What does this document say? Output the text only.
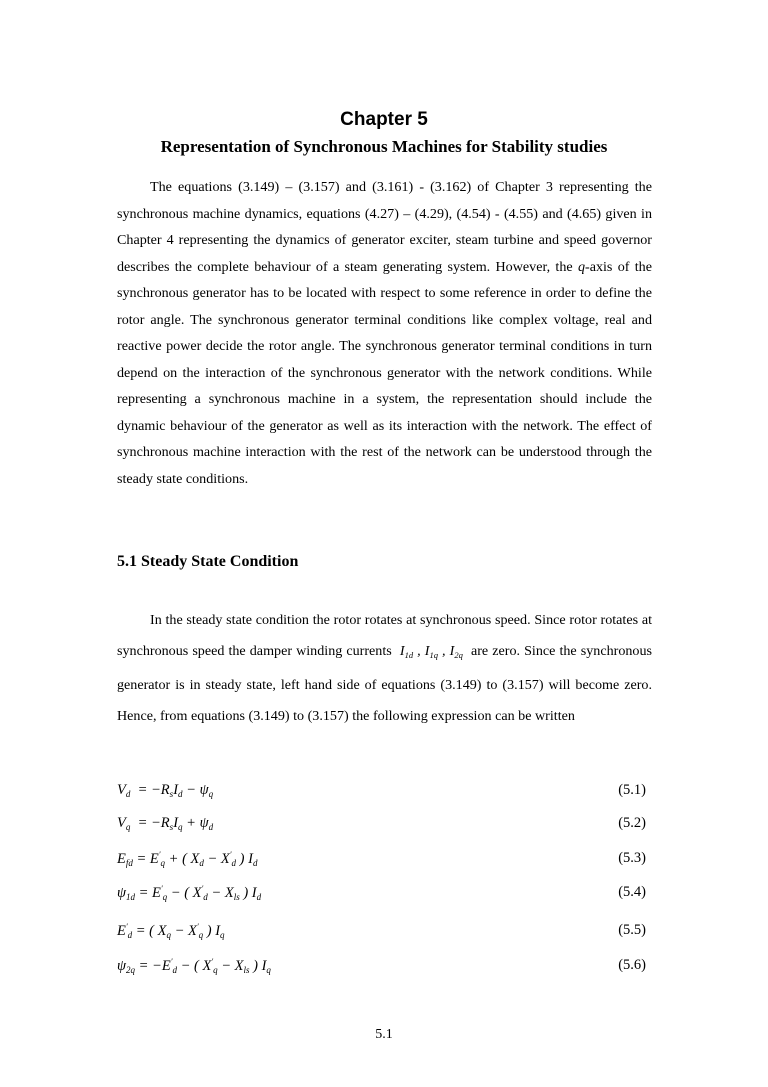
Chapter 5
Representation of Synchronous Machines for Stability studies
The equations (3.149) – (3.157) and (3.161) - (3.162) of Chapter 3 representing the synchronous machine dynamics, equations (4.27) – (4.29), (4.54) - (4.55) and (4.65) given in Chapter 4 representing the dynamics of generator exciter, steam turbine and speed governor describes the complete behaviour of a steam generating system. However, the q-axis of the synchronous generator has to be located with respect to some reference in order to define the rotor angle. The synchronous generator terminal conditions like complex voltage, real and reactive power decide the rotor angle. The synchronous generator terminal conditions in turn depend on the interaction of the synchronous generator with the network conditions. While representing a synchronous machine in a system, the representation should include the dynamic behaviour of the generator as well as its interaction with the network. The effect of synchronous machine interaction with the rest of the network can be understood through the steady state conditions.
5.1 Steady State Condition
In the steady state condition the rotor rotates at synchronous speed. Since rotor rotates at synchronous speed the damper winding currents $I_{1d}$ , $I_{1q}$ , $I_{2q}$ are zero. Since the synchronous generator is in steady state, left hand side of equations (3.149) to (3.157) will become zero. Hence, from equations (3.149) to (3.157) the following expression can be written
$V_d = -R_sI_d - \psi_q$	(5.1)
$V_q = -R_sI_q + \psi_d$	(5.2)
$E_{fd} = E'_q$ + ( $X_d - X'_d$ ) $I_d$	(5.3)
$\psi_{1d} = E'_q$ − ( $X'_d - X_{ls}$ ) $I_d$	(5.4)
$E'_d$ = ( $X_q - X'_q$ ) $I_q$	(5.5)
$\psi_{2q} = -E'_d$ − ( $X'_q - X_{ls}$ ) $I_q$	(5.6)
5.1
